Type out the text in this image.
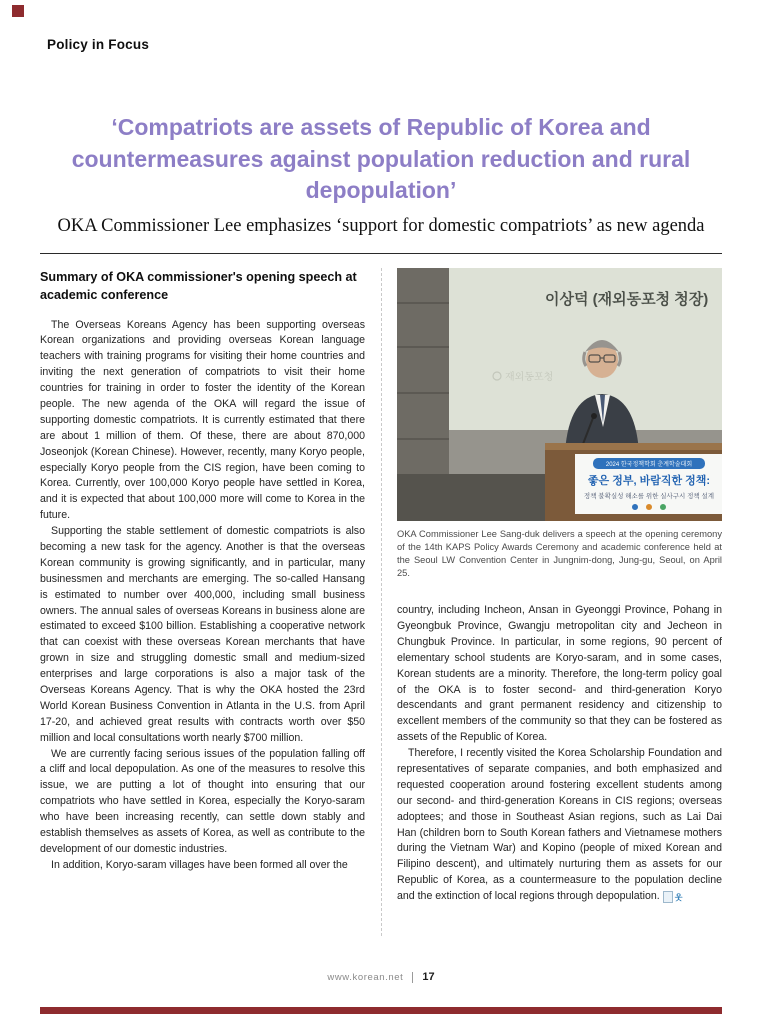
Policy in Focus
‘Compatriots are assets of Republic of Korea and countermeasures against population reduction and rural depopulation’
OKA Commissioner Lee emphasizes ‘support for domestic compatriots’ as new agenda
Summary of OKA commissioner's opening speech at academic conference

The Overseas Koreans Agency has been supporting overseas Korean organizations and providing overseas Korean language teachers with training programs for visiting their home countries and inviting the next generation of compatriots to visit their home countries for training in order to foster the identity of the Korean people. The new agenda of the OKA will regard the issue of supporting domestic compatriots. It is currently estimated that there are about 1 million of them. Of these, there are about 870,000 Joseonjok (Korean Chinese). However, recently, many Koryo people, especially Koryo people from the CIS region, have been coming to Korea. Currently, over 100,000 Koryo people have settled in Korea, and it is expected that about 100,000 more will come to Korea in the future.

Supporting the stable settlement of domestic compatriots is also becoming a new task for the agency. Another is that the overseas Korean community is growing significantly, and in particular, many businessmen and merchants are emerging. The so-called Hansang is estimated to number over 400,000, including small business owners. The annual sales of overseas Koreans in business alone are estimated to exceed $100 billion. Establishing a cooperative network that can coexist with these overseas Korean merchants that have grown in size and struggling domestic small and medium-sized enterprises and large corporations is also a major task of the Overseas Koreans Agency. That is why the OKA hosted the 23rd World Korean Business Convention in Atlanta in the U.S. from April 17-20, and achieved great results with contracts worth over $50 million and local consultations worth nearly $700 million.

We are currently facing serious issues of the population falling off a cliff and local depopulation. As one of the measures to resolve this issue, we are putting a lot of thought into ensuring that our compatriots who have settled in Korea, especially the Koryo-saram who have been increasing recently, can settle down stably and establish themselves as assets of Korea, as well as contribute to the development of our domestic industries.

In addition, Koryo-saram villages have been formed all over the

이상덕 (재외동포청 청장)
재외동포청
2024 한국정책학회 춘계학술대회
좋은 정부, 바람직한 정책:
정책 불확실성 해소를 위한 실사구시 정책 설계
OKA Commissioner Lee Sang-duk delivers a speech at the opening ceremony of the 14th KAPS Policy Awards Ceremony and academic conference held at the Seoul LW Convention Center in Jungnim-dong, Jung-gu, Seoul, on April 25.

country, including Incheon, Ansan in Gyeonggi Province, Pohang in Gyeongbuk Province, Gwangju metropolitan city and Jecheon in Chungbuk Province. In particular, in some regions, 90 percent of elementary school students are Koryo-saram, and in some cases, Korean students are a minority. Therefore, the long-term policy goal of the OKA is to foster second- and third-generation Koryo descendants and grant permanent residency and citizenship to excellent members of the community so that they can be fostered as assets of the Republic of Korea.

Therefore, I recently visited the Korea Scholarship Foundation and representatives of separate companies, and both emphasized and requested cooperation around fostering excellent students among our second- and third-generation Koreans in CIS regions; overseas adoptees; and those in Southeast Asian regions, such as Lai Dai Han (children born to South Korean fathers and Vietnamese mothers during the Vietnam War) and Kopino (people of mixed Korean and Filipino descent), and ultimately nurturing them as assets for our Republic of Korea, as a countermeasure to the population decline and the extinction of local regions through depopulation. 웃

www.korean.net 17
